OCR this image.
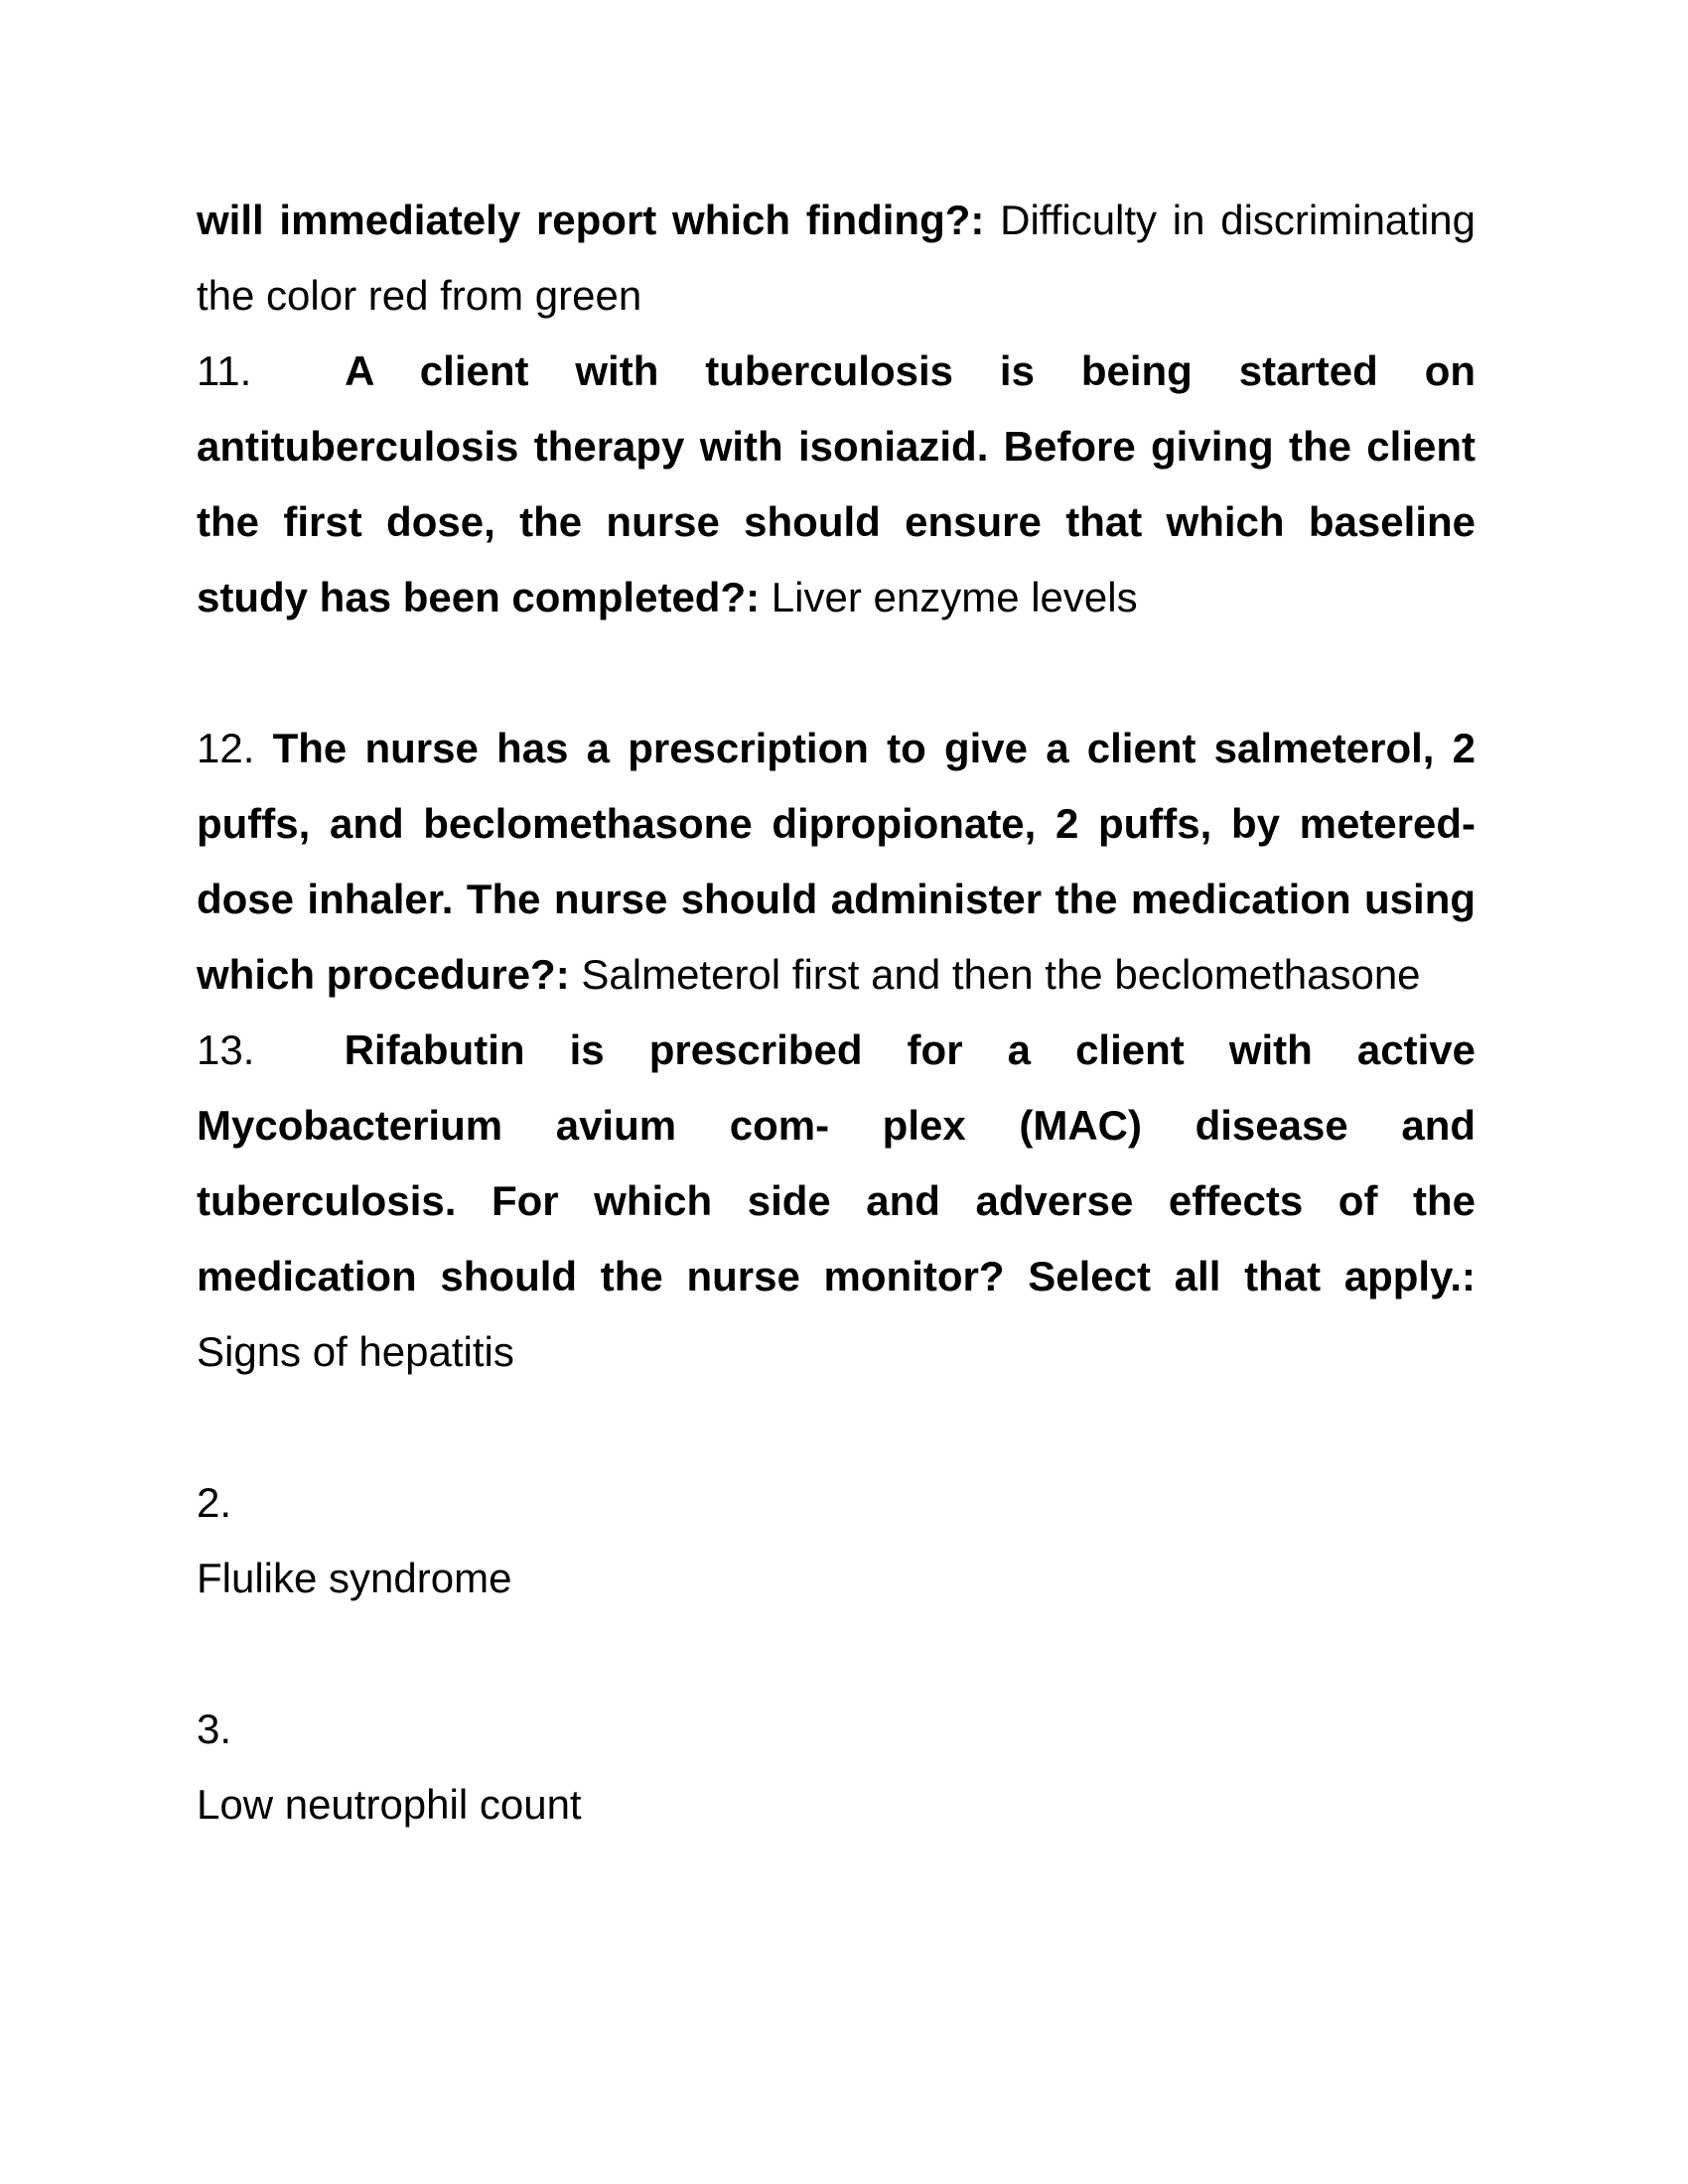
will immediately report which finding?: Difficulty in discriminating the color red from green

11. A client with tuberculosis is being started on antituberculosis therapy with isoniazid. Before giving the client the first dose, the nurse should ensure that which baseline study has been completed?: Liver enzyme levels

12. The nurse has a prescription to give a client salmeterol, 2 puffs, and beclomethasone dipropionate, 2 puffs, by metered-dose inhaler. The nurse should administer the medication using which procedure?: Salmeterol first and then the beclomethasone

13. Rifabutin is prescribed for a client with active Mycobacterium avium com- plex (MAC) disease and tuberculosis. For which side and adverse effects of the medication should the nurse monitor? Select all that apply.: Signs of hepatitis

2.

Flulike syndrome

3.

Low neutrophil count
